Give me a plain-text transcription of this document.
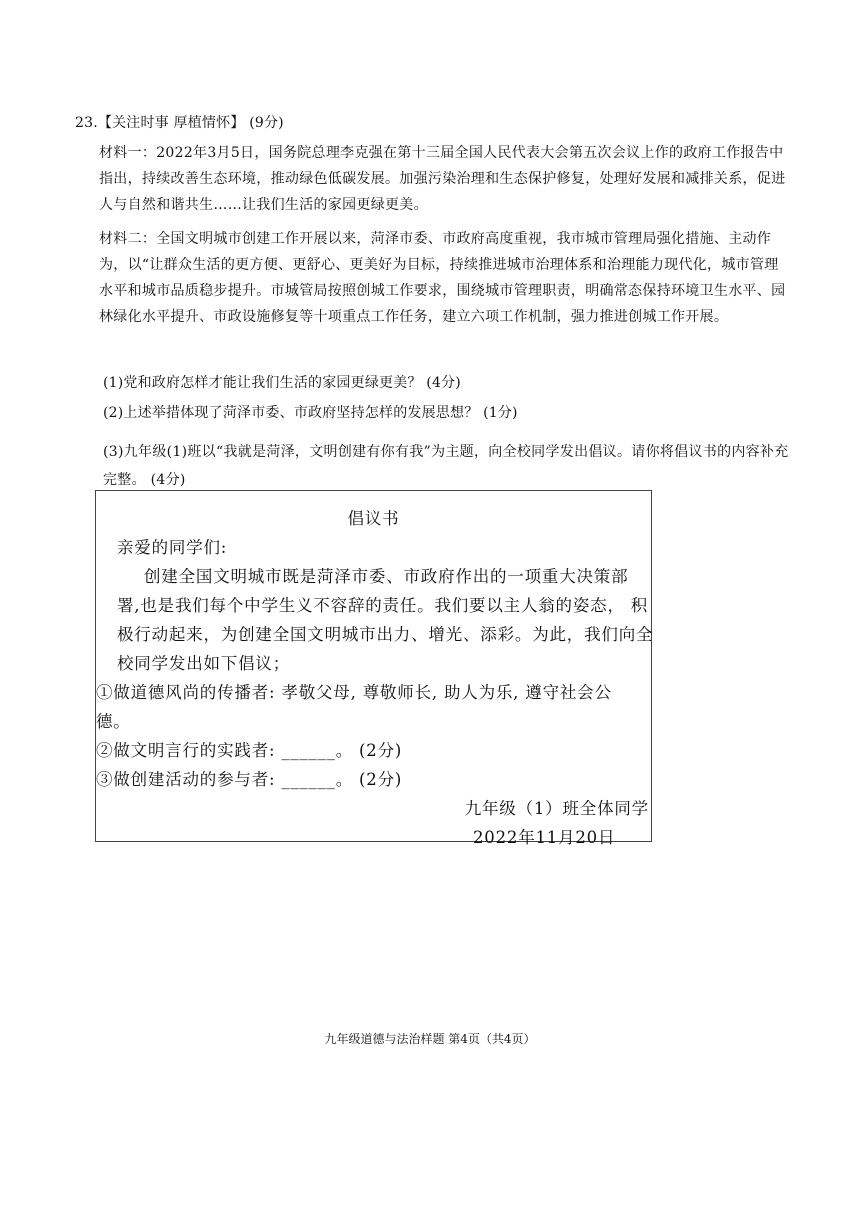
23.【关注时事 厚植情怀】 (9分)
材料一：2022年3月5日，国务院总理李克强在第十三届全国人民代表大会第五次会议上作的政府工作报告中指出，持续改善生态环境，推动绿色低碳发展。加强污染治理和生态保护修复，处理好发展和减排关系，促进人与自然和谐共生……让我们生活的家园更绿更美。
材料二：全国文明城市创建工作开展以来，菏泽市委、市政府高度重视，我市城市管理局强化措施、主动作为，以“让群众生活的更方便、更舒心、更美好为目标，持续推进城市治理体系和治理能力现代化，城市管理水平和城市品质稳步提升。市城管局按照创城工作要求，围绕城市管理职责，明确常态保持环境卫生水平、园林绿化水平提升、市政设施修复等十项重点工作任务，建立六项工作机制，强力推进创城工作开展。
(1)党和政府怎样才能让我们生活的家园更绿更美？ (4分)
(2)上述举措体现了菏泽市委、市政府坚持怎样的发展思想？ (1分)
(3)九年级(1)班以“我就是菏泽，文明创建有你有我”为主题，向全校同学发出倡议。请你将倡议书的内容补充完整。 (4分)
倡议书
亲爱的同学们:
创建全国文明城市既是菏泽市委、市政府作出的一项重大决策部
署,也是我们每个中学生义不容辞的责任。我们要以主人翁的姿态， 积
极行动起来，为创建全国文明城市出力、增光、添彩。为此，我们向全
校同学发出如下倡议；
①做道德风尚的传播者: 孝敬父母, 尊敬师长, 助人为乐, 遵守社会公
德。
②做文明言行的实践者: ______。 (2分)
③做创建活动的参与者: ______。 (2分)
九年级（1）班全体同学
2022年11月20日
九年级道德与法治样题 第4页（共4页）
